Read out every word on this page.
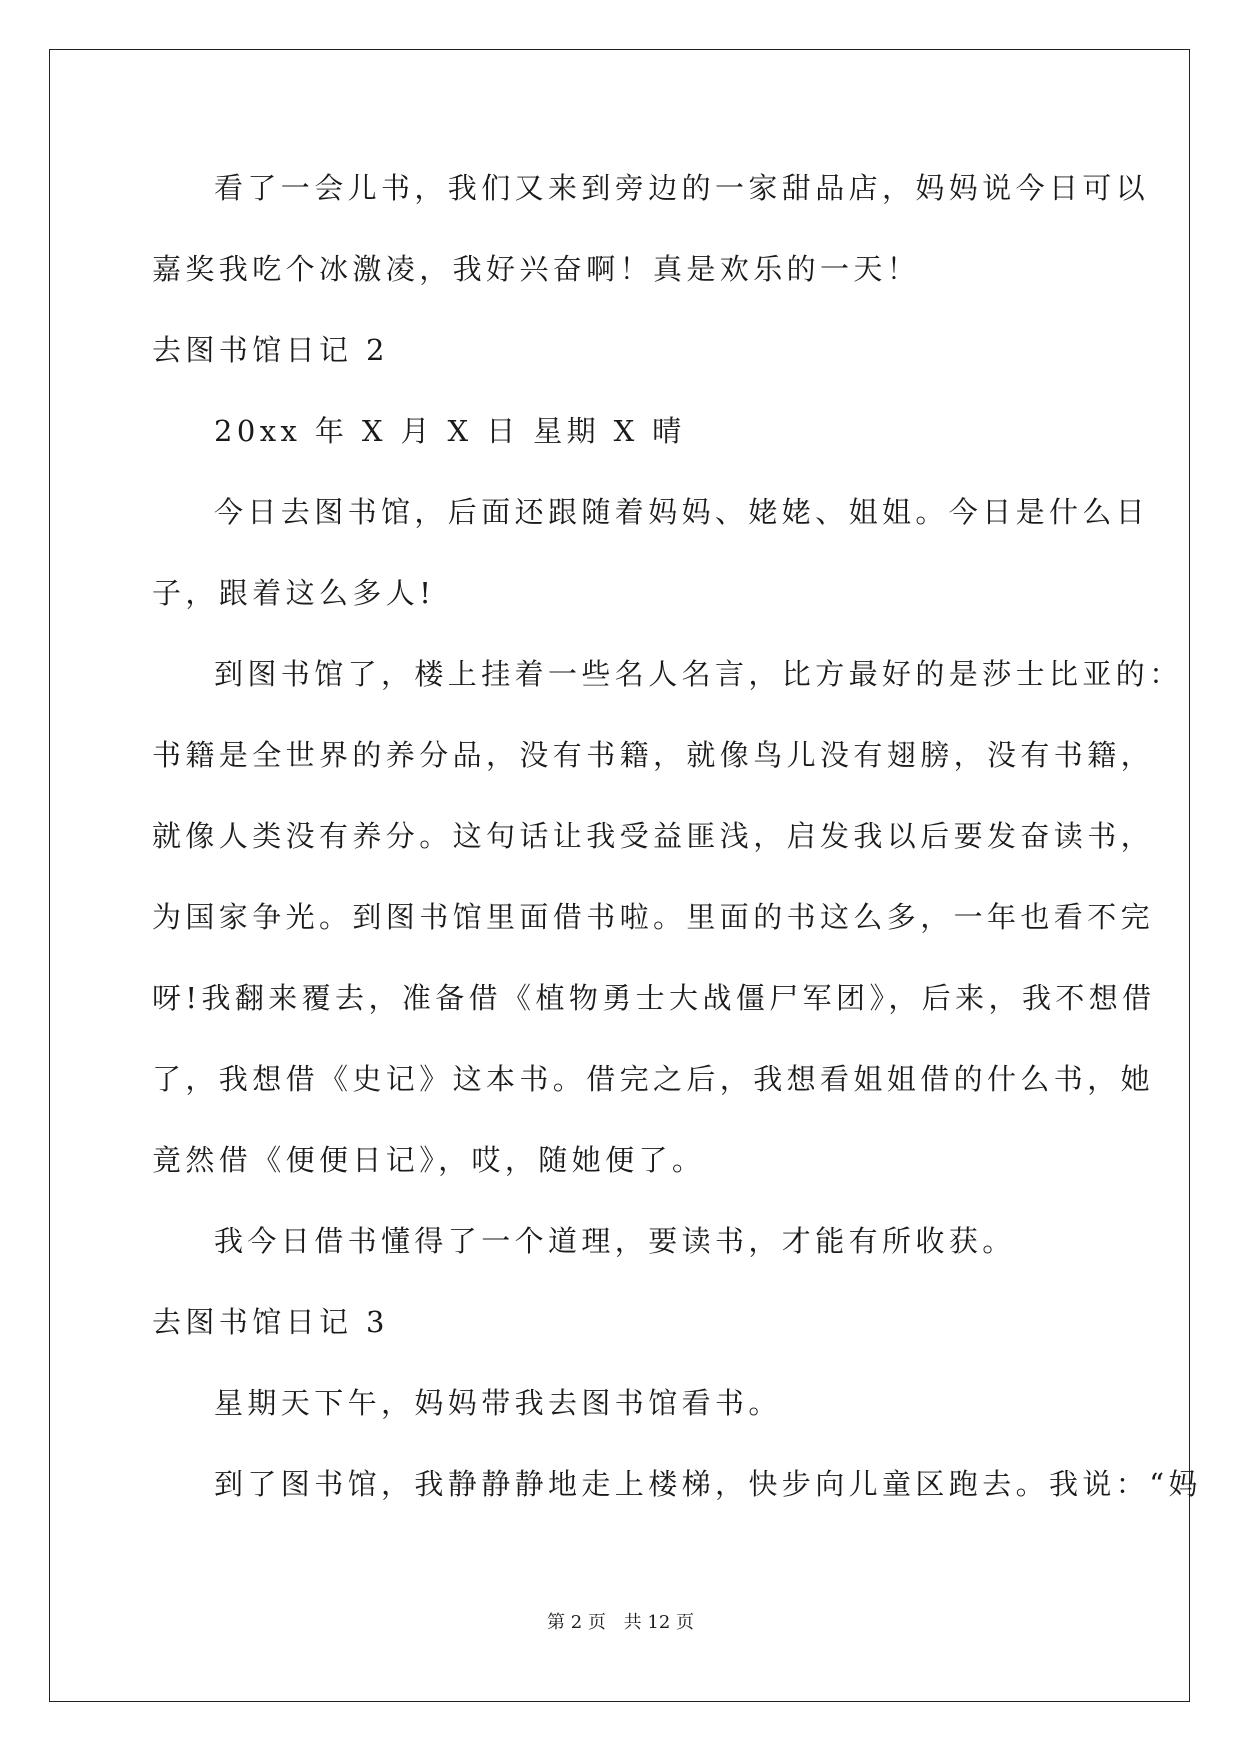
看了一会儿书，我们又来到旁边的一家甜品店，妈妈说今日可以
嘉奖我吃个冰激凌，我好兴奋啊！真是欢乐的一天！
去图书馆日记 2
20xx 年 X 月 X 日 星期 X 晴
今日去图书馆，后面还跟随着妈妈、姥姥、姐姐。今日是什么日
子，跟着这么多人!
到图书馆了，楼上挂着一些名人名言，比方最好的是莎士比亚的：
书籍是全世界的养分品，没有书籍，就像鸟儿没有翅膀，没有书籍，
就像人类没有养分。这句话让我受益匪浅，启发我以后要发奋读书，
为国家争光。到图书馆里面借书啦。里面的书这么多，一年也看不完
呀!我翻来覆去，准备借《植物勇士大战僵尸军团》，后来，我不想借
了，我想借《史记》这本书。借完之后，我想看姐姐借的什么书，她
竟然借《便便日记》，哎，随她便了。
我今日借书懂得了一个道理，要读书，才能有所收获。
去图书馆日记 3
星期天下午，妈妈带我去图书馆看书。
到了图书馆，我静静静地走上楼梯，快步向儿童区跑去。我说：“妈
第 2 页 共 12 页
